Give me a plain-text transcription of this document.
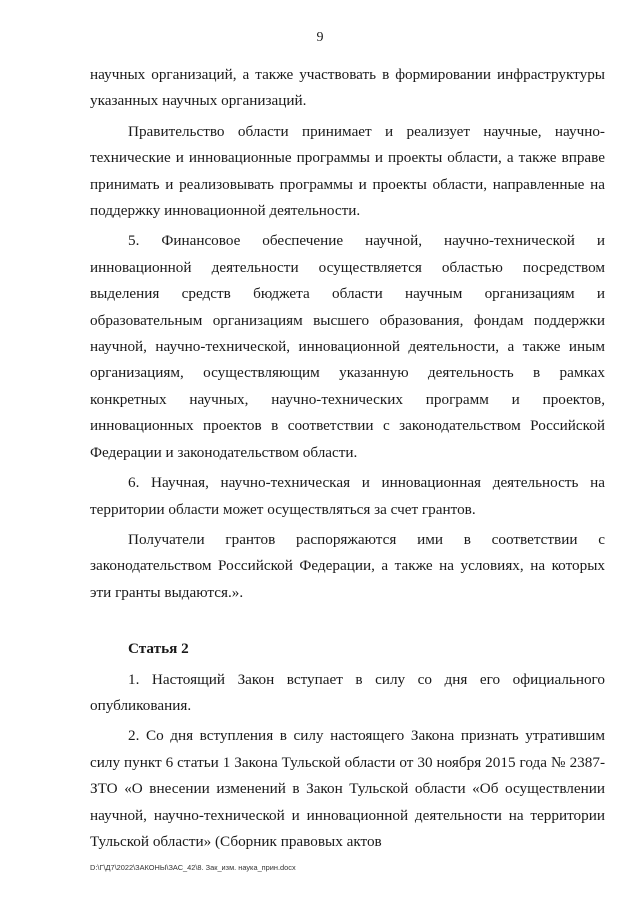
9

научных организаций, а также участвовать в формировании инфраструктуры указанных научных организаций.

Правительство области принимает и реализует научные, научно-технические и инновационные программы и проекты области, а также вправе принимать и реализовывать программы и проекты области, направленные на поддержку инновационной деятельности.

5. Финансовое обеспечение научной, научно-технической и инновационной деятельности осуществляется областью посредством выделения средств бюджета области научным организациям и образовательным организациям высшего образования, фондам поддержки научной, научно-технической, инновационной деятельности, а также иным организациям, осуществляющим указанную деятельность в рамках конкретных научных, научно-технических программ и проектов, инновационных проектов в соответствии с законодательством Российской Федерации и законодательством области.

6. Научная, научно-техническая и инновационная деятельность на территории области может осуществляться за счет грантов.

Получатели грантов распоряжаются ими в соответствии с законодательством Российской Федерации, а также на условиях, на которых эти гранты выдаются.».

Статья 2

1. Настоящий Закон вступает в силу со дня его официального опубликования.

2. Со дня вступления в силу настоящего Закона признать утратившим силу пункт 6 статьи 1 Закона Тульской области от 30 ноября 2015 года № 2387-ЗТО «О внесении изменений в Закон Тульской области «Об осуществлении научной, научно-технической и инновационной деятельности на территории Тульской области» (Сборник правовых актов

D:\Г\Д7\2022\ЗАКОНЫ\ЗАС_42\8. Зак_изм. наука_прин.docx
